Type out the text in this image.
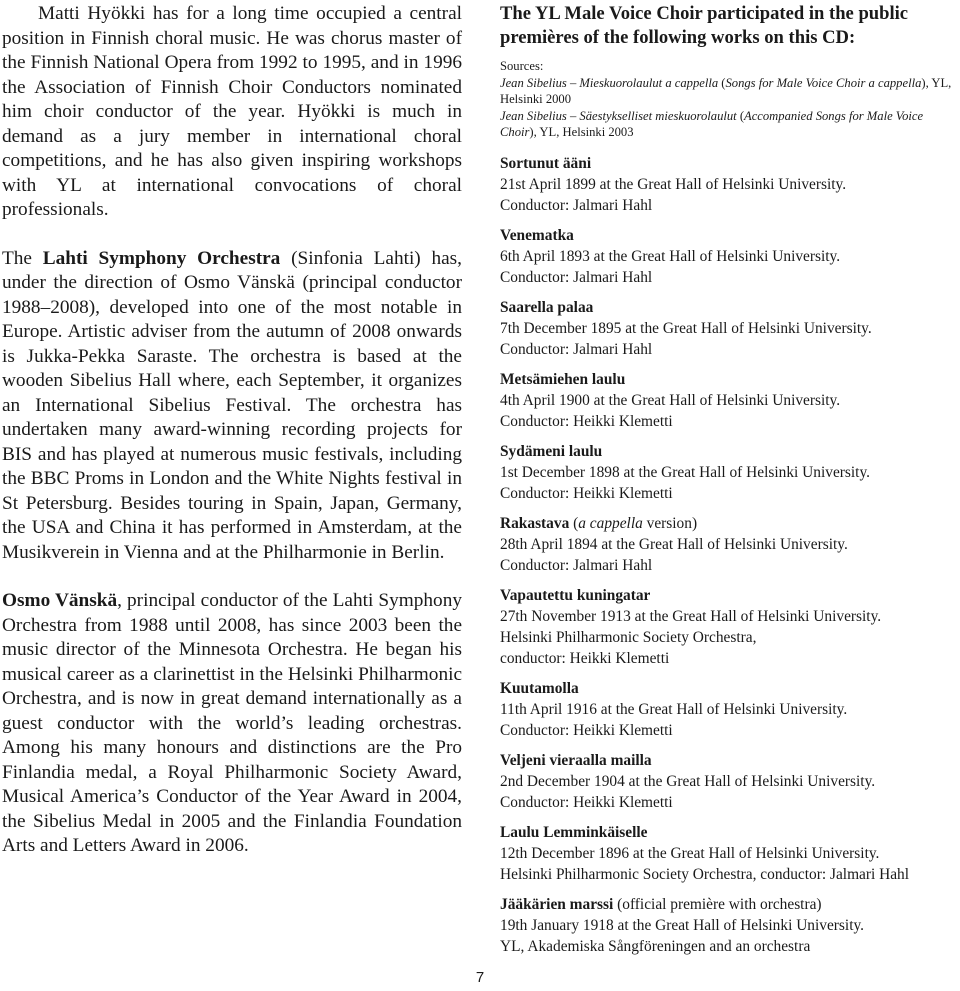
Matti Hyökki has for a long time occupied a central position in Finnish choral music. He was chorus master of the Finnish National Opera from 1992 to 1995, and in 1996 the Association of Finnish Choir Conductors nominated him choir conductor of the year. Hyökki is much in demand as a jury member in international choral competitions, and he has also given inspiring workshops with YL at international convocations of choral professionals.

The Lahti Symphony Orchestra (Sinfonia Lahti) has, under the direction of Osmo Vänskä (principal conductor 1988–2008), developed into one of the most notable in Europe. Artistic adviser from the autumn of 2008 onwards is Jukka-Pekka Saraste. The orchestra is based at the wooden Sibelius Hall where, each September, it organizes an International Sibelius Festival. The orchestra has undertaken many award-winning recording projects for BIS and has played at numerous music festivals, including the BBC Proms in London and the White Nights festival in St Petersburg. Besides touring in Spain, Japan, Germany, the USA and China it has performed in Amsterdam, at the Musikverein in Vienna and at the Philharmonie in Berlin.

Osmo Vänskä, principal conductor of the Lahti Symphony Orchestra from 1988 until 2008, has since 2003 been the music director of the Minnesota Orchestra. He began his musical career as a clarinettist in the Helsinki Philharmonic Orchestra, and is now in great demand internationally as a guest conductor with the world’s leading orchestras. Among his many honours and distinctions are the Pro Finlandia medal, a Royal Philharmonic Society Award, Musical America’s Conductor of the Year Award in 2004, the Sibelius Medal in 2005 and the Finlandia Foundation Arts and Letters Award in 2006.

The YL Male Voice Choir participated in the public premières of the following works on this CD:
Sources:
Jean Sibelius – Mieskuorolaulut a cappella (Songs for Male Voice Choir a cappella), YL, Helsinki 2000
Jean Sibelius – Säestykselliset mieskuorolaulut (Accompanied Songs for Male Voice Choir), YL, Helsinki 2003
Sortunut ääni
21st April 1899 at the Great Hall of Helsinki University.
Conductor: Jalmari Hahl
Venematka
6th April 1893 at the Great Hall of Helsinki University.
Conductor: Jalmari Hahl
Saarella palaa
7th December 1895 at the Great Hall of Helsinki University.
Conductor: Jalmari Hahl
Metsämiehen laulu
4th April 1900 at the Great Hall of Helsinki University.
Conductor: Heikki Klemetti
Sydämeni laulu
1st December 1898 at the Great Hall of Helsinki University.
Conductor: Heikki Klemetti
Rakastava (a cappella version)
28th April 1894 at the Great Hall of Helsinki University.
Conductor: Jalmari Hahl
Vapautettu kuningatar
27th November 1913 at the Great Hall of Helsinki University.
Helsinki Philharmonic Society Orchestra,
conductor: Heikki Klemetti
Kuutamolla
11th April 1916 at the Great Hall of Helsinki University.
Conductor: Heikki Klemetti
Veljeni vieraalla mailla
2nd December 1904 at the Great Hall of Helsinki University.
Conductor: Heikki Klemetti
Laulu Lemminkäiselle
12th December 1896 at the Great Hall of Helsinki University.
Helsinki Philharmonic Society Orchestra, conductor: Jalmari Hahl
Jääkärien marssi (official première with orchestra)
19th January 1918 at the Great Hall of Helsinki University.
YL, Akademiska Sångföreningen and an orchestra
7
